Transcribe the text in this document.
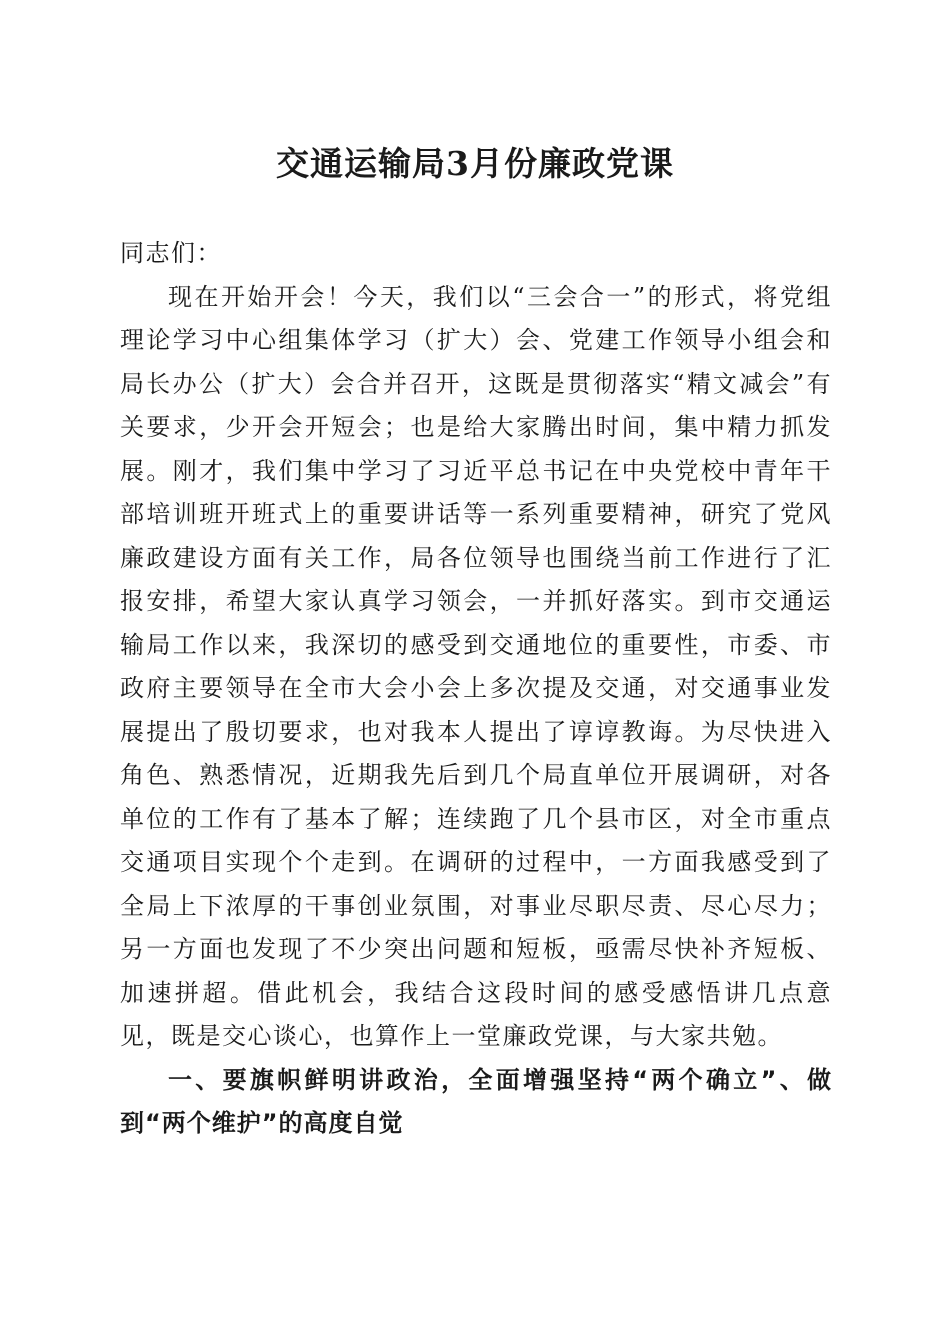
交通运输局3月份廉政党课

同志们：

现在开始开会！今天，我们以“三会合一”的形式，将党组理论学习中心组集体学习（扩大）会、党建工作领导小组会和局长办公（扩大）会合并召开，这既是贯彻落实“精文减会”有关要求，少开会开短会；也是给大家腾出时间，集中精力抓发展。刚才，我们集中学习了习近平总书记在中央党校中青年干部培训班开班式上的重要讲话等一系列重要精神，研究了党风廉政建设方面有关工作，局各位领导也围绕当前工作进行了汇报安排，希望大家认真学习领会，一并抓好落实。到市交通运输局工作以来，我深切的感受到交通地位的重要性，市委、市政府主要领导在全市大会小会上多次提及交通，对交通事业发展提出了殷切要求，也对我本人提出了谆谆教诲。为尽快进入角色、熟悉情况，近期我先后到几个局直单位开展调研，对各单位的工作有了基本了解；连续跑了几个县市区，对全市重点交通项目实现个个走到。在调研的过程中，一方面我感受到了全局上下浓厚的干事创业氛围，对事业尽职尽责、尽心尽力；另一方面也发现了不少突出问题和短板，亟需尽快补齐短板、加速拼超。借此机会，我结合这段时间的感受感悟讲几点意见，既是交心谈心，也算作上一堂廉政党课，与大家共勉。

一、要旗帜鲜明讲政治，全面增强坚持“两个确立”、做到“两个维护”的高度自觉
